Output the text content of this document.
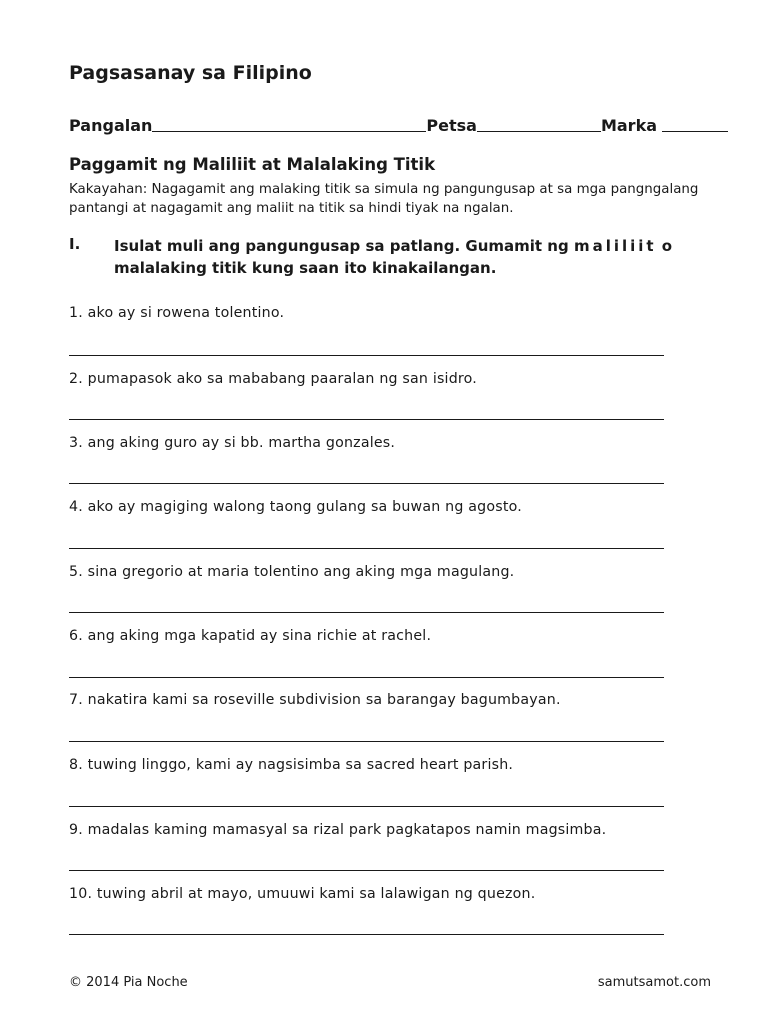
Pagsasanay sa Filipino
Pangalan	Petsa	Marka
Paggamit ng Maliliit at Malalaking Titik
Kakayahan: Nagagamit ang malaking titik sa simula ng pangungusap at sa mga pangngalang pantangi at nagagamit ang maliit na titik sa hindi tiyak na ngalan.
I. Isulat muli ang pangungusap sa patlang. Gumamit ng maliliit o malalaking titik kung saan ito kinakailangan.
1. ako ay si rowena tolentino.
2. pumapasok ako sa mababang paaralan ng san isidro.
3. ang aking guro ay si bb. martha gonzales.
4. ako ay magiging walong taong gulang sa buwan ng agosto.
5. sina gregorio at maria tolentino ang aking mga magulang.
6. ang aking mga kapatid ay sina richie at rachel.
7. nakatira kami sa roseville subdivision sa barangay bagumbayan.
8. tuwing linggo, kami ay nagsisimba sa sacred heart parish.
9. madalas kaming mamasyal sa rizal park pagkatapos namin magsimba.
10. tuwing abril at mayo, umuuwi kami sa lalawigan ng quezon.
© 2014 Pia Noche	samutsamot.com
